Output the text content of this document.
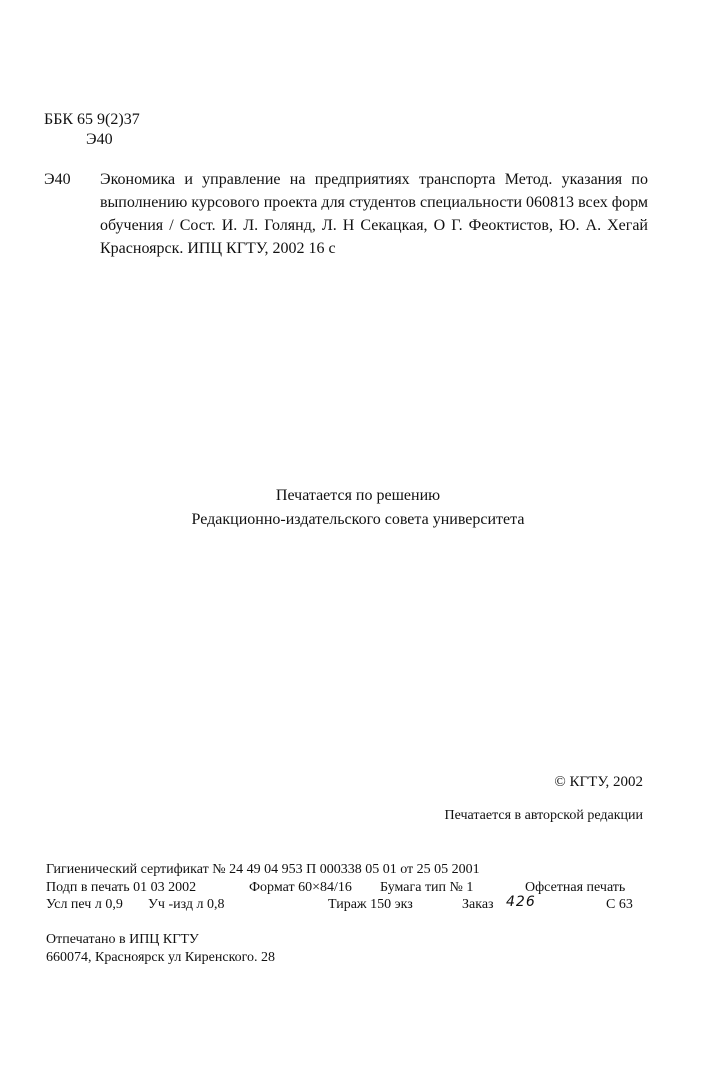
ББК 65 9(2)37
Э40
Э40 Экономика и управление на предприятиях транспорта Метод. указания по выполнению курсового проекта для студентов специальности 060813 всех форм обучения / Сост. И. Л. Голянд, Л. Н Секацкая, О Г. Феоктистов, Ю. А. Хегай Красноярск. ИПЦ КГТУ, 2002 16 с
Печатается по решению
Редакционно-издательского совета университета
© КГТУ, 2002
Печатается в авторской редакции
Гигиенический сертификат № 24 49 04 953 П 000338 05 01 от 25 05 2001
Подп в печать 01 03 2002	Формат 60×84/16 Бумага тип № 1	Офсетная печать
Усл печ л 0,9 Уч -изд л 0,8	Тираж 150 экз	Заказ 426	С 63
Отпечатано в ИПЦ КГТУ
660074, Красноярск ул Киренского. 28
